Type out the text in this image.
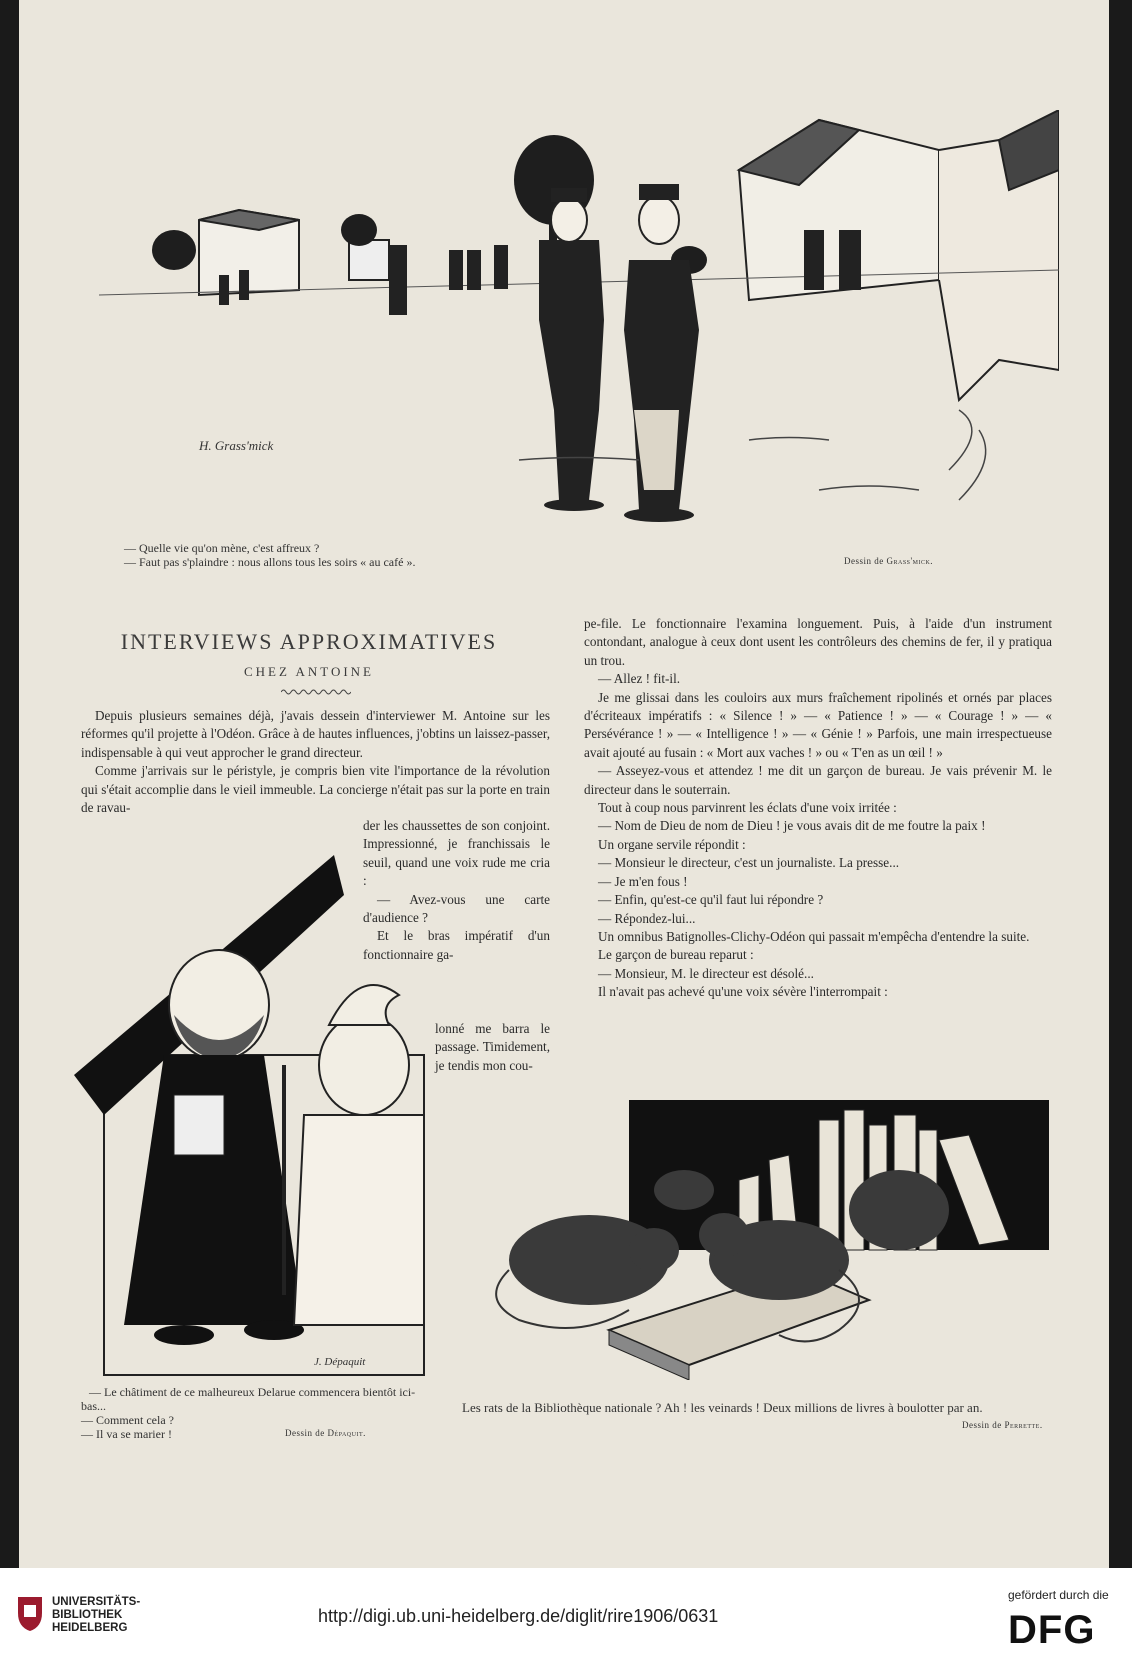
H. Grass'mick
— Quelle vie qu'on mène, c'est affreux ?
— Faut pas s'plaindre : nous allons tous les soirs « au café ».	Dessin de Grass'mick.
INTERVIEWS APPROXIMATIVES
CHEZ ANTOINE

Depuis plusieurs semaines déjà, j'avais dessein d'interviewer M. Antoine sur les réformes qu'il projette à l'Odéon. Grâce à de hautes influences, j'obtins un laissez-passer, indispensable à qui veut approcher le grand directeur.

Comme j'arrivais sur le péristyle, je compris bien vite l'importance de la révolution qui s'était accomplie dans le vieil immeuble. La concierge n'était pas sur la porte en train de ravau-

der les chaussettes de son conjoint. Impressionné, je franchissais le seuil, quand une voix rude me cria :

— Avez-vous une carte d'audience ?

Et le bras impératif d'un fonctionnaire ga-

lonné me barra le passage. Timidement, je tendis mon cou-

pe-file. Le fonctionnaire l'examina longuement. Puis, à l'aide d'un instrument contondant, analogue à ceux dont usent les contrôleurs des chemins de fer, il y pratiqua un trou.

— Allez ! fit-il.

Je me glissai dans les couloirs aux murs fraîchement ripolinés et ornés par places d'écriteaux impératifs : « Silence ! » — « Patience ! » — « Courage ! » — « Persévérance ! » — « Intelligence ! » — « Génie ! » Parfois, une main irrespectueuse avait ajouté au fusain : « Mort aux vaches ! » ou « T'en as un œil ! »

— Asseyez-vous et attendez ! me dit un garçon de bureau. Je vais prévenir M. le directeur dans le souterrain.

Tout à coup nous parvinrent les éclats d'une voix irritée :

— Nom de Dieu de nom de Dieu ! je vous avais dit de me foutre la paix !

Un organe servile répondit :

— Monsieur le directeur, c'est un journaliste. La presse...

— Je m'en fous !

— Enfin, qu'est-ce qu'il faut lui répondre ?

— Répondez-lui...

Un omnibus Batignolles-Clichy-Odéon qui passait m'empêcha d'entendre la suite.

Le garçon de bureau reparut :

— Monsieur, M. le directeur est désolé...

Il n'avait pas achevé qu'une voix sévère l'interrompait :

J. Dépaquit
— Le châtiment de ce malheureux Delarue commencera bientôt ici-bas...
— Comment cela ?
— Il va se marier !	Dessin de Dépaquit.
Les rats de la Bibliothèque nationale ? Ah ! les veinards ! Deux millions de livres à boulotter par an.
Dessin de Perrette.
UNIVERSITÄTS-
BIBLIOTHEK
HEIDELBERG
http://digi.ub.uni-heidelberg.de/diglit/rire1906/0631
gefördert durch die
DFG
